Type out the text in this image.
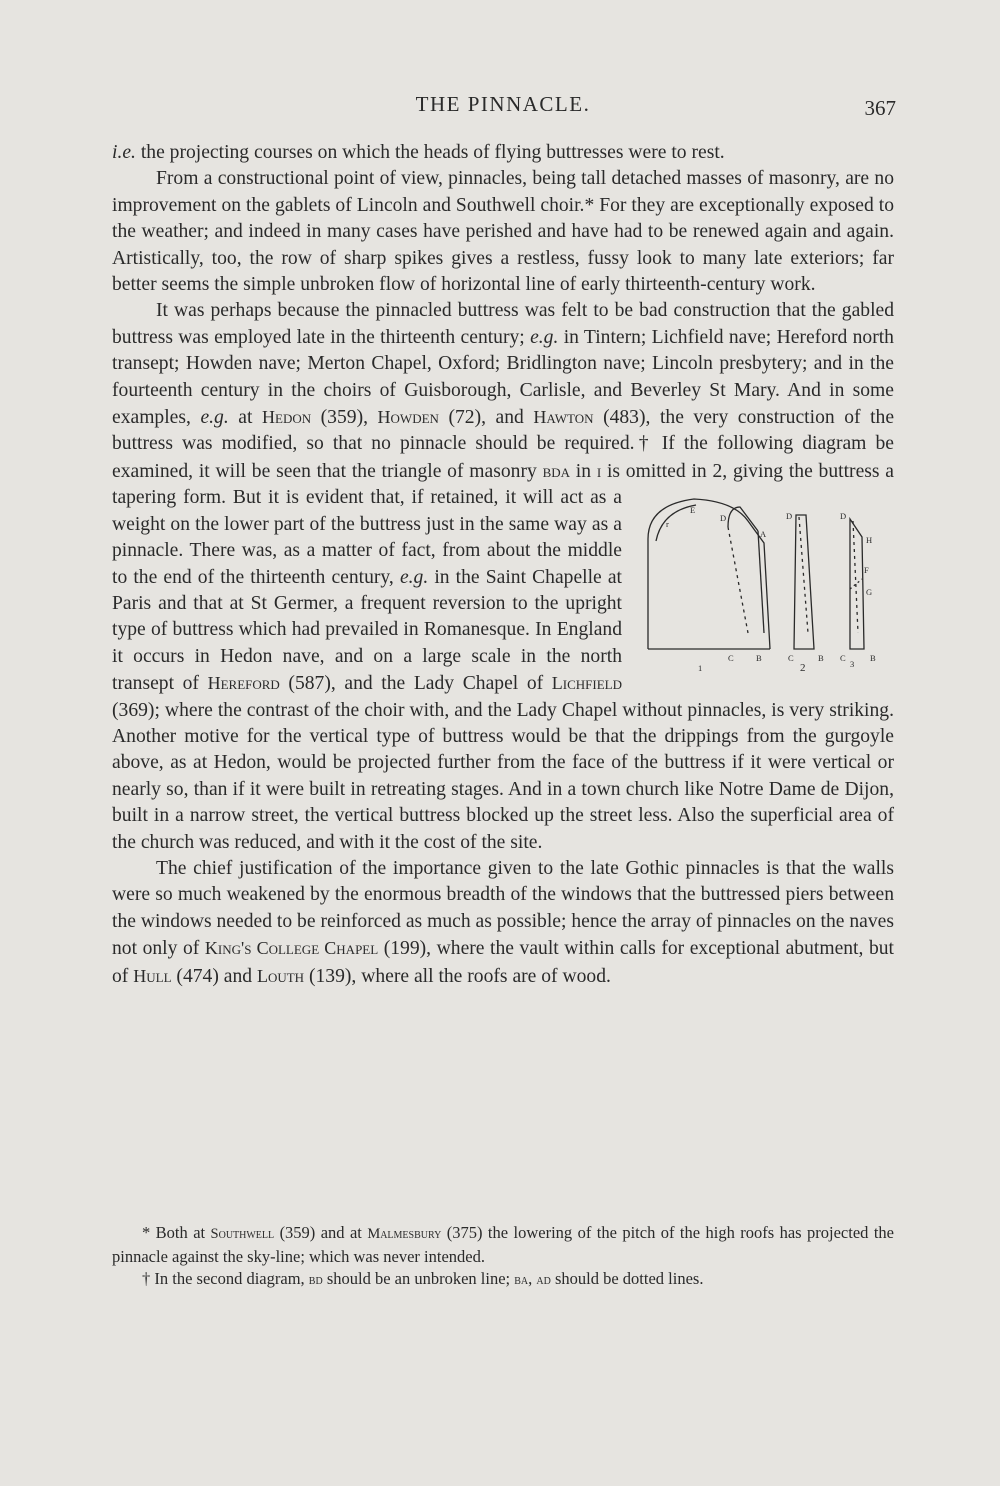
THE PINNACLE.	367

i.e. the projecting courses on which the heads of flying buttresses were to rest.

From a constructional point of view, pinnacles, being tall detached masses of masonry, are no improvement on the gablets of Lincoln and Southwell choir.* For they are exceptionally exposed to the weather; and indeed in many cases have perished and have had to be renewed again and again. Artistically, too, the row of sharp spikes gives a restless, fussy look to many late exteriors; far better seems the simple unbroken flow of horizontal line of early thirteenth-century work.

It was perhaps because the pinnacled buttress was felt to be bad construction that the gabled buttress was employed late in the thirteenth century; e.g. in Tintern; Lichfield nave; Hereford north transept; Howden nave; Merton Chapel, Oxford; Bridlington nave; Lincoln presbytery; and in the fourteenth century in the choirs of Guisborough, Carlisle, and Beverley St Mary. And in some examples, e.g. at Hedon (359), Howden (72), and Hawton (483), the very construction of the buttress was modified, so that no pinnacle should be required.† If the following diagram be examined, it will be seen that the triangle of masonry bda in i is omitted
r
E
D
A
D	D
H
F
G
1
C	B	C
2
B C
3
B
in 2, giving the buttress a tapering form. But it is evident that, if retained, it will act as a weight on the lower part of the buttress just in the same way as a pinnacle. There was, as a matter of fact, from about the middle to the end of the thirteenth century, e.g. in the Saint Chapelle at Paris and that at St Germer, a frequent reversion to the upright type of buttress which had prevailed in Romanesque. In England it occurs in Hedon nave, and on a large scale in the north transept of Hereford (587), and the Lady Chapel of Lichfield (369); where the contrast of the choir with, and the Lady Chapel without pinnacles, is very striking. Another motive for the vertical type of buttress would be that the drippings from the gurgoyle above, as at Hedon, would be projected further from the face of the buttress if it were vertical or nearly so, than if it were built in retreating stages. And in a town church like Notre Dame de Dijon, built in a narrow street, the vertical buttress blocked up the street less. Also the superficial area of the church was reduced, and with it the cost of the site.

The chief justification of the importance given to the late Gothic pinnacles is that the walls were so much weakened by the enormous breadth of the windows that the buttressed piers between the windows needed to be reinforced as much as possible; hence the array of pinnacles on the naves not only of King's College Chapel (199), where the vault within calls for exceptional abutment, but of Hull (474) and Louth (139), where all the roofs are of wood.

* Both at Southwell (359) and at Malmesbury (375) the lowering of the pitch of the high roofs has projected the pinnacle against the sky-line; which was never intended.

† In the second diagram, bd should be an unbroken line; ba, ad should be dotted lines.
